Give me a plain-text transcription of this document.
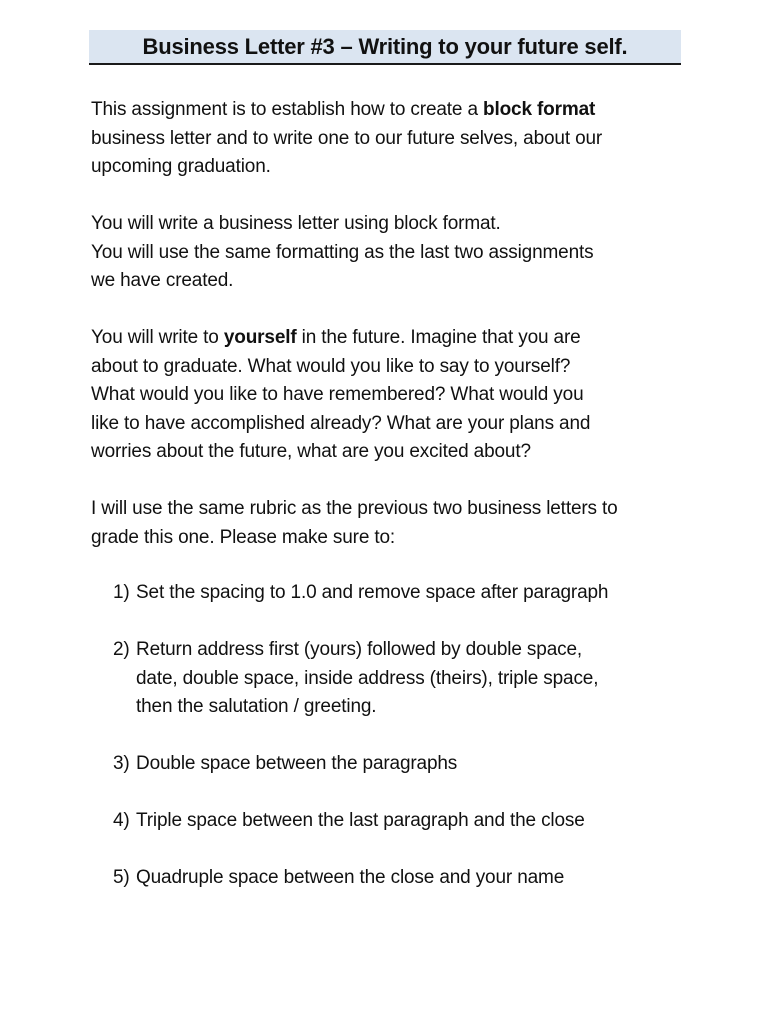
Business Letter #3 – Writing to your future self.

This assignment is to establish how to create a block format
business letter and to write one to our future selves, about our
upcoming graduation.

You will write a business letter using block format.
You will use the same formatting as the last two assignments
we have created.

You will write to yourself in the future. Imagine that you are
about to graduate. What would you like to say to yourself?
What would you like to have remembered? What would you
like to have accomplished already? What are your plans and
worries about the future, what are you excited about?

I will use the same rubric as the previous two business letters to
grade this one. Please make sure to:

1) Set the spacing to 1.0 and remove space after paragraph
2) Return address first (yours) followed by double space,
date, double space, inside address (theirs), triple space,
then the salutation / greeting.
3) Double space between the paragraphs
4) Triple space between the last paragraph and the close
5) Quadruple space between the close and your name
